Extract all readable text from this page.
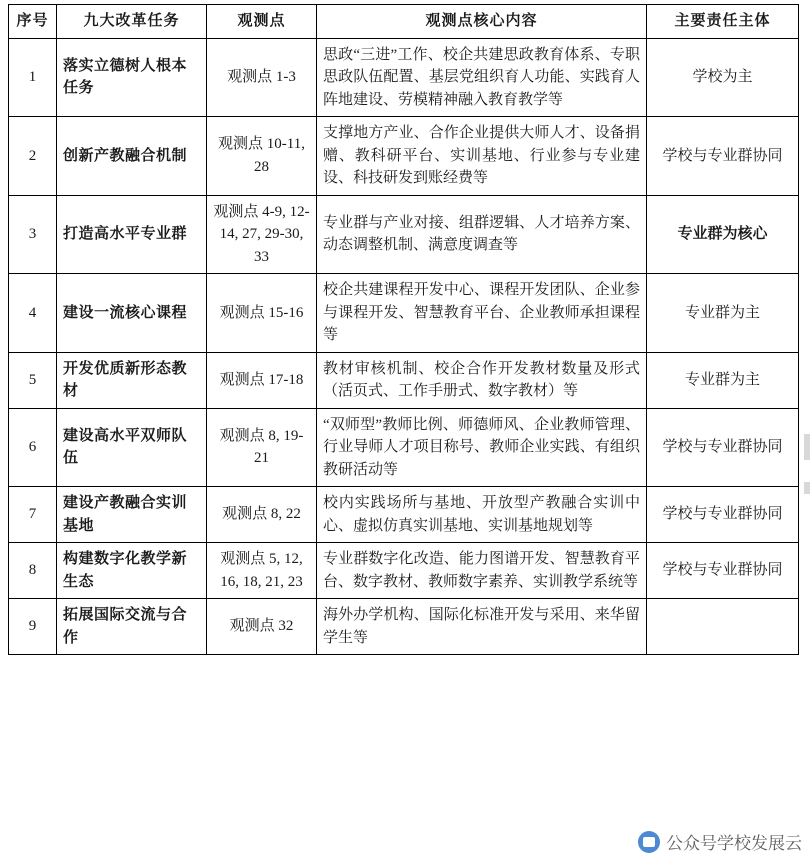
序号	九大改革任务	观测点	观测点核心内容	主要责任主体
1	落实立德树人根本任务	观测点 1-3	思政“三进”工作、校企共建思政教育体系、专职思政队伍配置、基层党组织育人功能、实践育人阵地建设、劳模精神融入教育教学等	学校为主
2	创新产教融合机制	观测点 10-11, 28	支撑地方产业、合作企业提供大师人才、设备捐赠、教科研平台、实训基地、行业参与专业建设、科技研发到账经费等	学校与专业群协同
3	打造高水平专业群	观测点 4-9, 12-14, 27, 29-30, 33	专业群与产业对接、组群逻辑、人才培养方案、动态调整机制、满意度调查等	专业群为核心
4	建设一流核心课程	观测点 15-16	校企共建课程开发中心、课程开发团队、企业参与课程开发、智慧教育平台、企业教师承担课程等	专业群为主
5	开发优质新形态教材	观测点 17-18	教材审核机制、校企合作开发教材数量及形式（活页式、工作手册式、数字教材）等	专业群为主
6	建设高水平双师队伍	观测点 8, 19-21	“双师型”教师比例、师德师风、企业教师管理、行业导师人才项目称号、教师企业实践、有组织教研活动等	学校与专业群协同
7	建设产教融合实训基地	观测点 8, 22	校内实践场所与基地、开放型产教融合实训中心、虚拟仿真实训基地、实训基地规划等	学校与专业群协同
8	构建数字化教学新生态	观测点 5, 12, 16, 18, 21, 23	专业群数字化改造、能力图谱开发、智慧教育平台、数字教材、教师数字素养、实训教学系统等	学校与专业群协同
9	拓展国际交流与合作	观测点 32	海外办学机构、国际化标准开发与采用、来华留学生等	
公众号学校发展云
